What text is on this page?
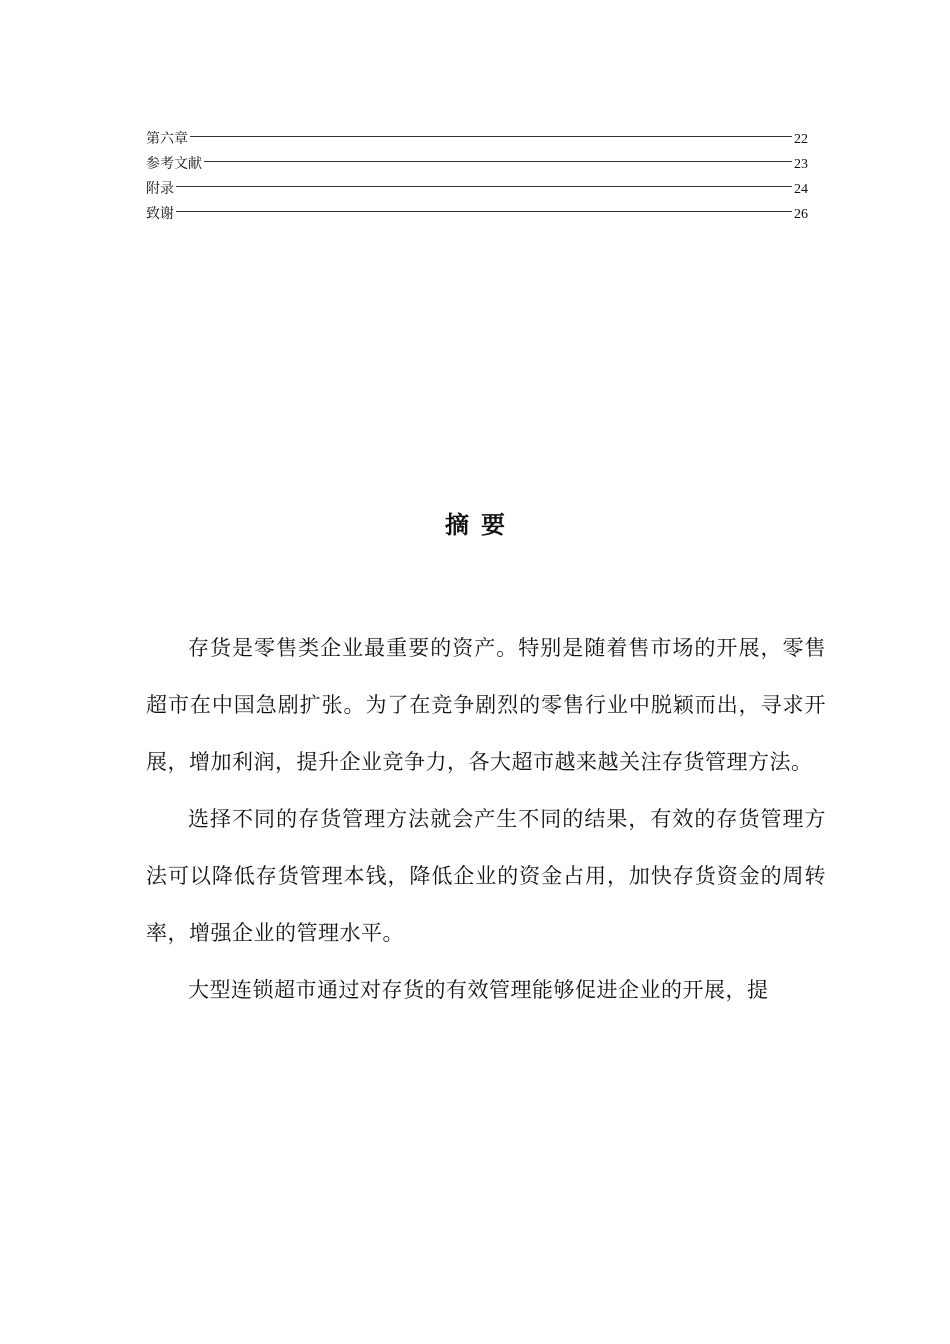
第六章	22
参考文献	23
附录	24
致谢	26
摘要

存货是零售类企业最重要的资产。特别是随着售市场的开展，零售超市在中国急剧扩张。为了在竞争剧烈的零售行业中脱颖而出，寻求开展，增加利润，提升企业竞争力，各大超市越来越关注存货管理方法。

选择不同的存货管理方法就会产生不同的结果，有效的存货管理方法可以降低存货管理本钱，降低企业的资金占用，加快存货资金的周转率，增强企业的管理水平。

大型连锁超市通过对存货的有效管理能够促进企业的开展，提
